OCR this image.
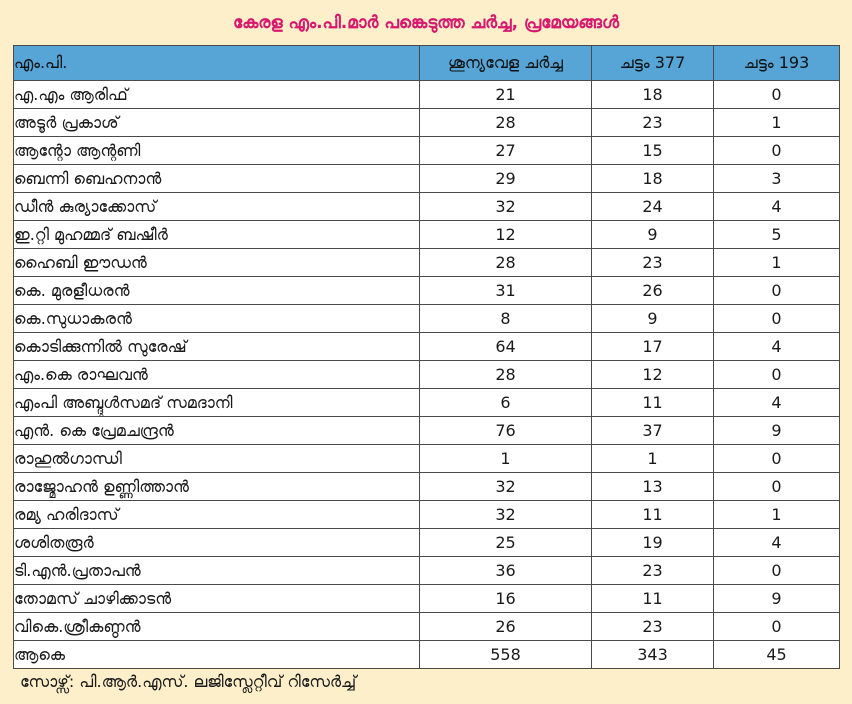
കേരള എം.പി.മാർ പങ്കെടുത്ത ചർച്ച, പ്രമേയങ്ങൾ
എം.പി.	ശൂന്യവേള ചർച്ച	ചട്ടം 377	ചട്ടം 193
എ.എം ആരിഫ്	21	18	0
അടൂർ പ്രകാശ്	28	23	1
ആന്റോ ആന്റണി	27	15	0
ബെന്നി ബെഹനാൻ	29	18	3
ഡീൻ കുര്യാക്കോസ്	32	24	4
ഇ.റ്റി മുഹമ്മദ് ബഷീർ	12	9	5
ഹൈബി ഈഡൻ	28	23	1
കെ. മുരളീധരൻ	31	26	0
കെ.സുധാകരൻ	8	9	0
കൊടിക്കുന്നിൽ സുരേഷ്	64	17	4
എം.കെ രാഘവൻ	28	12	0
എംപി അബ്ദുൾസമദ് സമദാനി	6	11	4
എൻ. കെ പ്രേമചന്ദ്രൻ	76	37	9
രാഹുൽഗാന്ധി	1	1	0
രാജ്മോഹൻ ഉണ്ണിത്താൻ	32	13	0
രമ്യ ഹരിദാസ്	32	11	1
ശശിതരൂർ	25	19	4
ടി.എൻ.പ്രതാപൻ	36	23	0
തോമസ് ചാഴിക്കാടൻ	16	11	9
വികെ.ശ്രീകണ്ഠൻ	26	23	0
ആകെ	558	343	45
സോഴ്സ്: പി.ആർ.എസ്. ലജിസ്ലേറ്റീവ് റിസേർച്ച്
